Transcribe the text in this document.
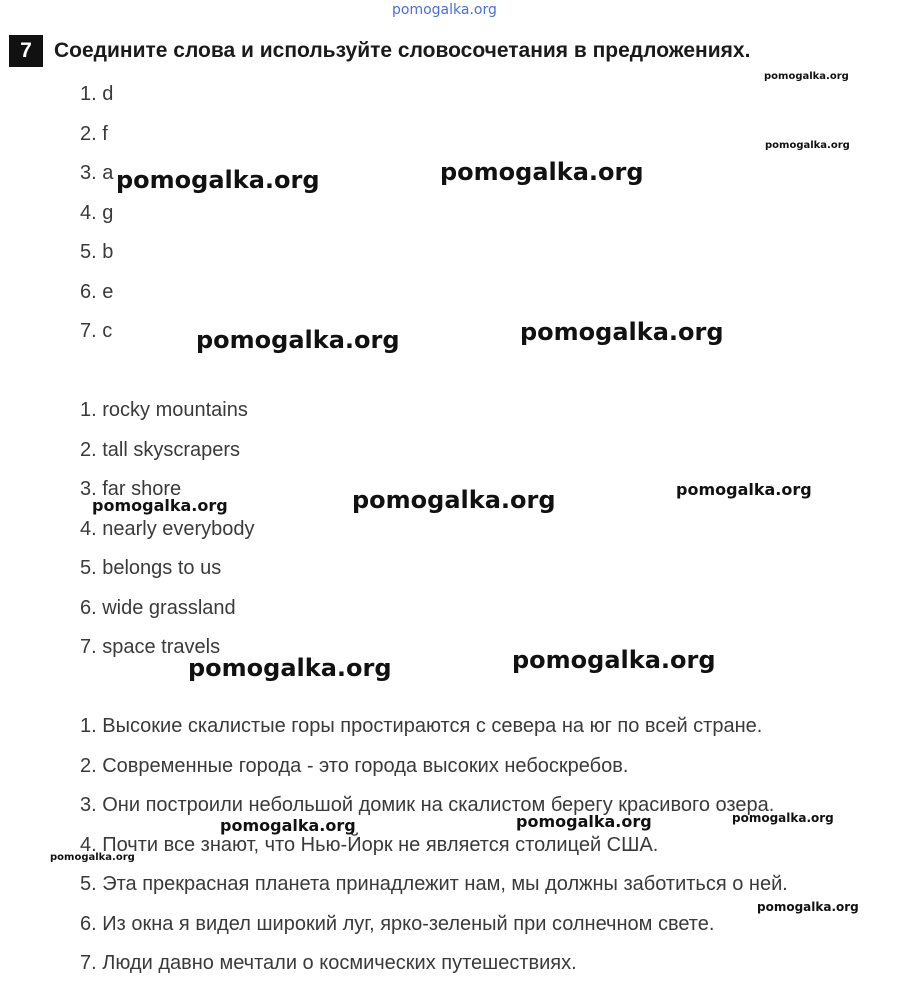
pomogalka.org
7	Соедините слова и используйте словосочетания в предложениях.
1. d
2. f
3. a
4. g
5. b
6. e
7. c
1. rocky mountains
2. tall skyscrapers
3. far shore
4. nearly everybody
5. belongs to us
6. wide grassland
7. space travels
1. Высокие скалистые горы простираются с севера на юг по всей стране.
2. Современные города - это города высоких небоскребов.
3. Они построили небольшой домик на скалистом берегу красивого озера.
4. Почти все знают, что Нью-Йорк не является столицей США.
5. Эта прекрасная планета принадлежит нам, мы должны заботиться о ней.
6. Из окна я видел широкий луг, ярко-зеленый при солнечном свете.
7. Люди давно мечтали о космических путешествиях.
pomogalka.org
pomogalka.org
pomogalka.org	pomogalka.org
pomogalka.org	pomogalka.org
pomogalka.org
pomogalka.org	pomogalka.org
pomogalka.org	pomogalka.org
pomogalka.org	pomogalka.org	pomogalka.org
pomogalka.org
pomogalka.org
